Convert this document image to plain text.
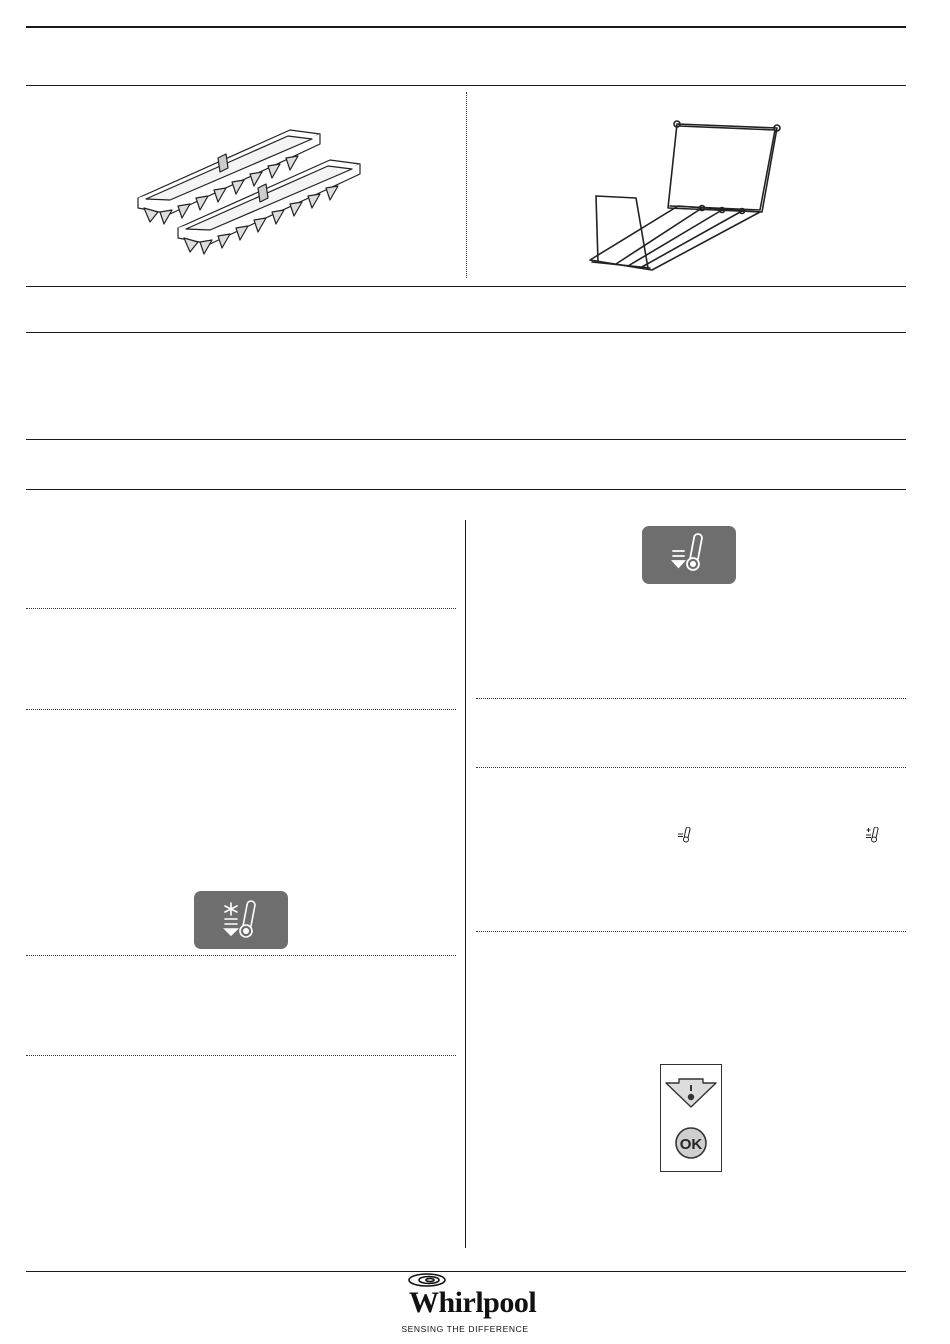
OK
Whirlpool
SENSING THE DIFFERENCE
